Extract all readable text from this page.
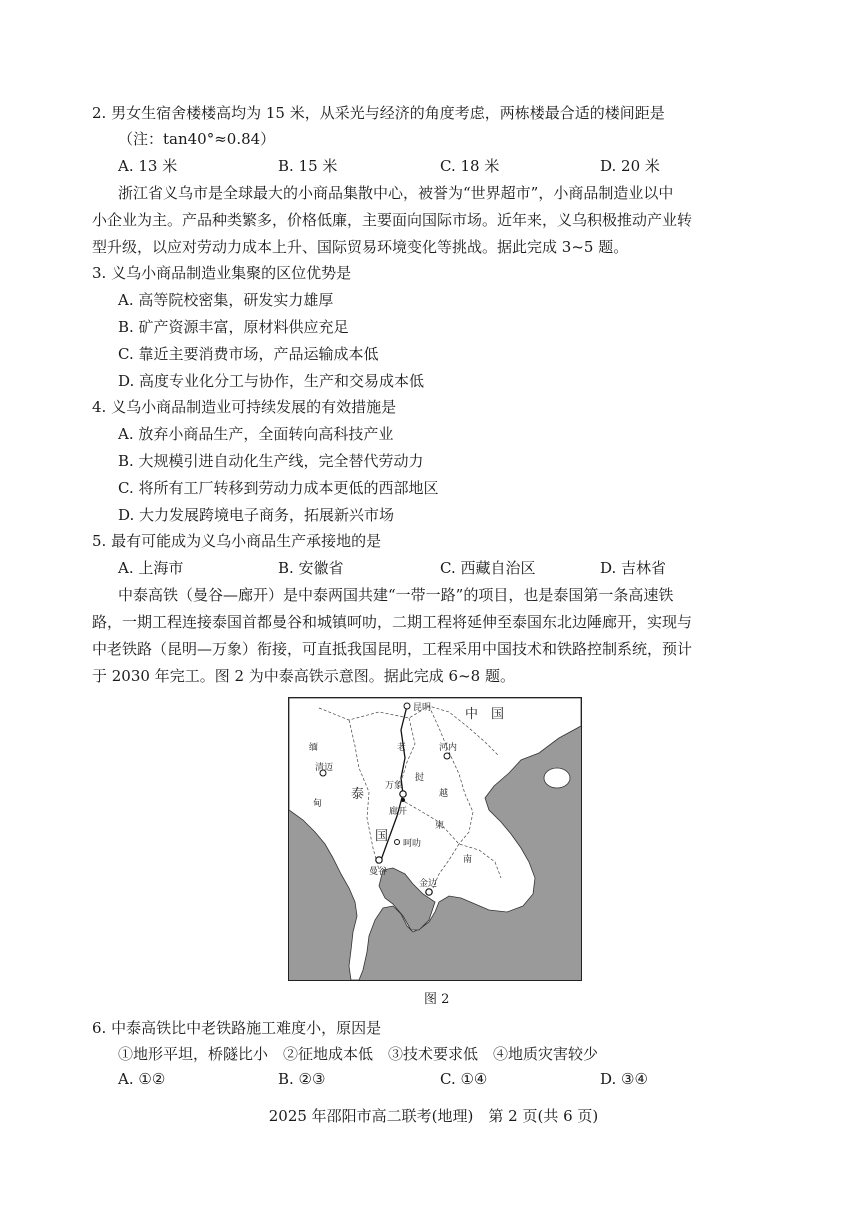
2. 男女生宿舍楼楼高均为 15 米，从采光与经济的角度考虑，两栋楼最合适的楼间距是
（注：tan40°≈0.84）
A. 13 米	B. 15 米	C. 18 米	D. 20 米
浙江省义乌市是全球最大的小商品集散中心，被誉为“世界超市”，小商品制造业以中
小企业为主。产品种类繁多，价格低廉，主要面向国际市场。近年来，义乌积极推动产业转
型升级，以应对劳动力成本上升、国际贸易环境变化等挑战。据此完成 3~5 题。
3. 义乌小商品制造业集聚的区位优势是
A. 高等院校密集，研发实力雄厚
B. 矿产资源丰富，原材料供应充足
C. 靠近主要消费市场，产品运输成本低
D. 高度专业化分工与协作，生产和交易成本低
4. 义乌小商品制造业可持续发展的有效措施是
A. 放弃小商品生产，全面转向高科技产业
B. 大规模引进自动化生产线，完全替代劳动力
C. 将所有工厂转移到劳动力成本更低的西部地区
D. 大力发展跨境电子商务，拓展新兴市场
5. 最有可能成为义乌小商品生产承接地的是
A. 上海市	B. 安徽省	C. 西藏自治区	D. 吉林省
中泰高铁（曼谷—廊开）是中泰两国共建“一带一路”的项目，也是泰国第一条高速铁
路，一期工程连接泰国首都曼谷和城镇呵叻，二期工程将延伸至泰国东北边陲廊开，实现与
中老铁路（昆明—万象）衔接，可直抵我国昆明，工程采用中国技术和铁路控制系统，预计
于 2030 年完工。图 2 为中泰高铁示意图。据此完成 6~8 题。
昆明	中　国
缅
甸
清迈
老
挝
河内
泰
国
万象
廊开
呵叻
曼谷
柬
越
南
金边
图 2
6. 中泰高铁比中老铁路施工难度小，原因是
①地形平坦，桥隧比小　②征地成本低　③技术要求低　④地质灾害较少
A. ①②	B. ②③	C. ①④	D. ③④
2025 年邵阳市高二联考(地理)　第 2 页(共 6 页)
